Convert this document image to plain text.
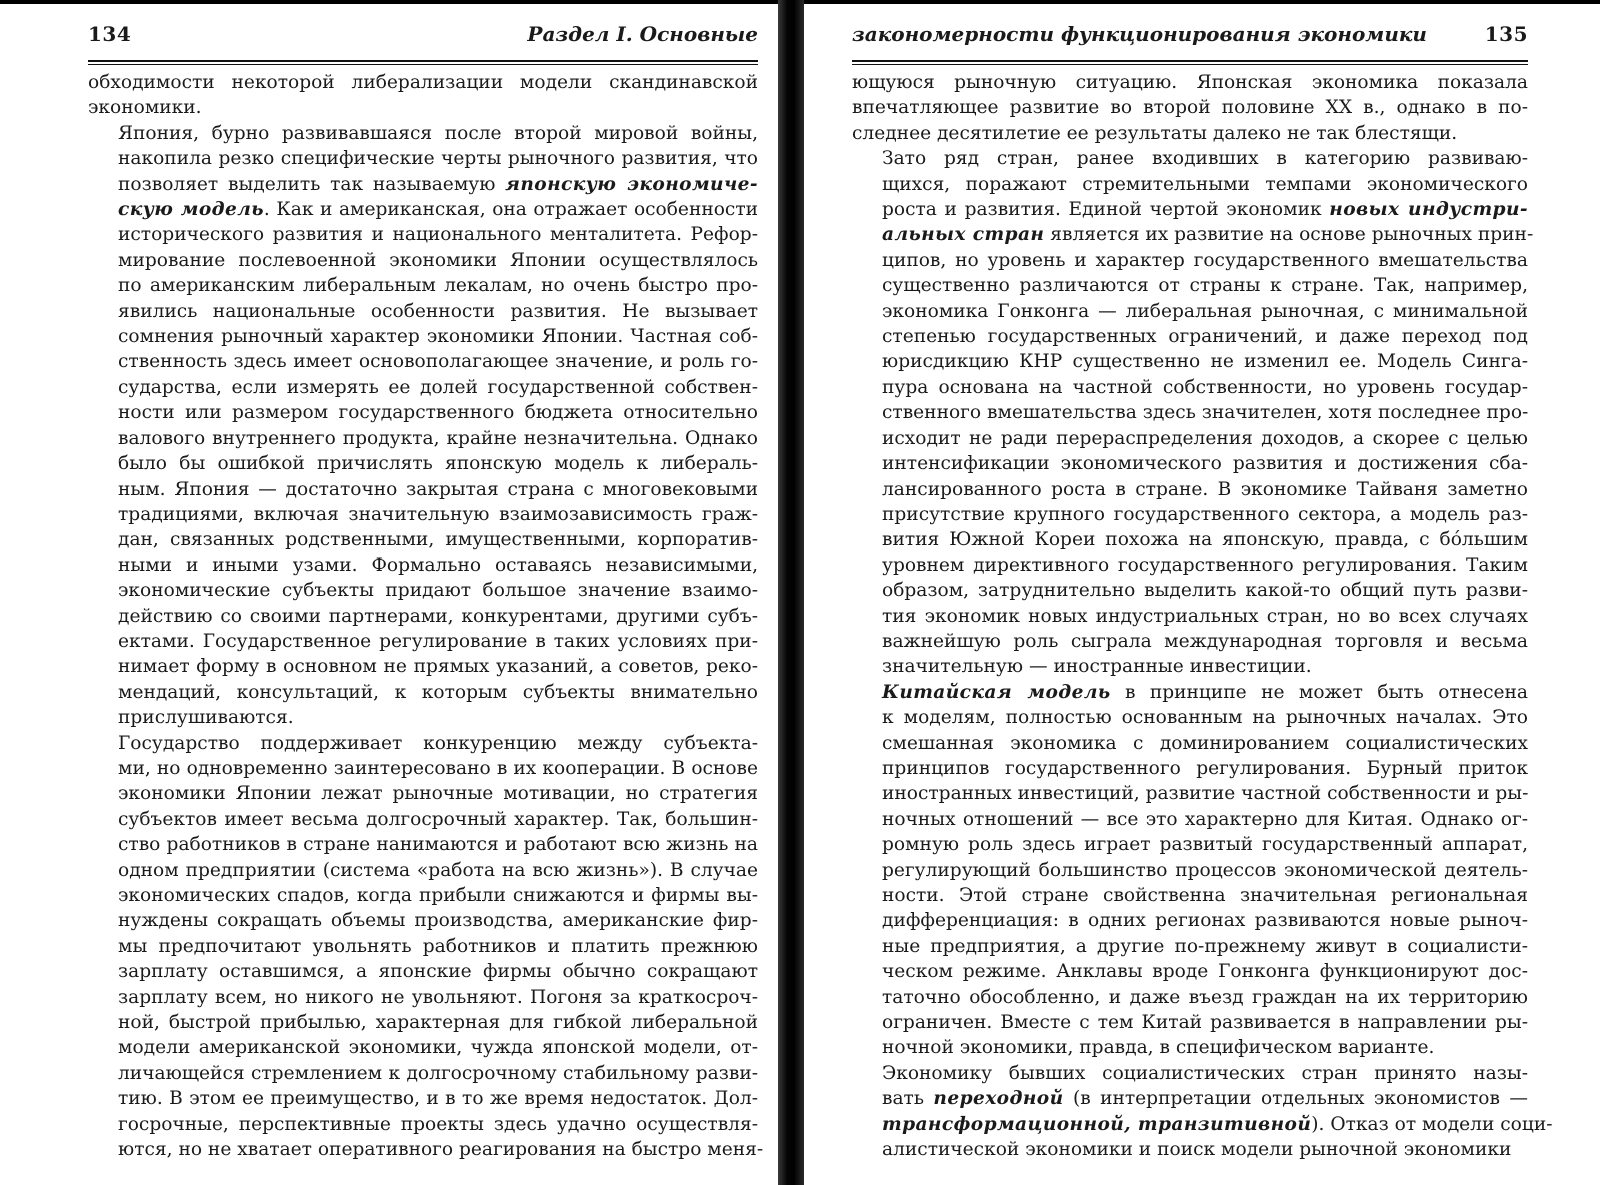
134	Раздел I. Основные
обходимости некоторой либерализации модели скандинавской
экономики.
Япония, бурно развивавшаяся после второй мировой войны,
накопила резко специфические черты рыночного развития, что
позволяет выделить так называемую японскую экономиче-
скую модель. Как и американская, она отражает особенности
исторического развития и национального менталитета. Рефор-
мирование послевоенной экономики Японии осуществлялось
по американским либеральным лекалам, но очень быстро про-
явились национальные особенности развития. Не вызывает
сомнения рыночный характер экономики Японии. Частная соб-
ственность здесь имеет основополагающее значение, и роль го-
сударства, если измерять ее долей государственной собствен-
ности или размером государственного бюджета относительно
валового внутреннего продукта, крайне незначительна. Однако
было бы ошибкой причислять японскую модель к либераль-
ным. Япония — достаточно закрытая страна с многовековыми
традициями, включая значительную взаимозависимость граж-
дан, связанных родственными, имущественными, корпоратив-
ными и иными узами. Формально оставаясь независимыми,
экономические субъекты придают большое значение взаимо-
действию со своими партнерами, конкурентами, другими субъ-
ектами. Государственное регулирование в таких условиях при-
нимает форму в основном не прямых указаний, а советов, реко-
мендаций, консультаций, к которым субъекты внимательно
прислушиваются.
Государство поддерживает конкуренцию между субъекта-
ми, но одновременно заинтересовано в их кооперации. В основе
экономики Японии лежат рыночные мотивации, но стратегия
субъектов имеет весьма долгосрочный характер. Так, большин-
ство работников в стране нанимаются и работают всю жизнь на
одном предприятии (система «работа на всю жизнь»). В случае
экономических спадов, когда прибыли снижаются и фирмы вы-
нуждены сокращать объемы производства, американские фир-
мы предпочитают увольнять работников и платить прежнюю
зарплату оставшимся, а японские фирмы обычно сокращают
зарплату всем, но никого не увольняют. Погоня за краткосроч-
ной, быстрой прибылью, характерная для гибкой либеральной
модели американской экономики, чужда японской модели, от-
личающейся стремлением к долгосрочному стабильному разви-
тию. В этом ее преимущество, и в то же время недостаток. Дол-
госрочные, перспективные проекты здесь удачно осуществля-
ются, но не хватает оперативного реагирования на быстро меня-
закономерности функционирования экономики	135
ющуюся рыночную ситуацию. Японская экономика показала
впечатляющее развитие во второй половине XX в., однако в по-
следнее десятилетие ее результаты далеко не так блестящи.
Зато ряд стран, ранее входивших в категорию развиваю-
щихся, поражают стремительными темпами экономического
роста и развития. Единой чертой экономик новых индустри-
альных стран является их развитие на основе рыночных прин-
ципов, но уровень и характер государственного вмешательства
существенно различаются от страны к стране. Так, например,
экономика Гонконга — либеральная рыночная, с минимальной
степенью государственных ограничений, и даже переход под
юрисдикцию КНР существенно не изменил ее. Модель Синга-
пура основана на частной собственности, но уровень государ-
ственного вмешательства здесь значителен, хотя последнее про-
исходит не ради перераспределения доходов, а скорее с целью
интенсификации экономического развития и достижения сба-
лансированного роста в стране. В экономике Тайваня заметно
присутствие крупного государственного сектора, а модель раз-
вития Южной Кореи похожа на японскую, правда, с бо́льшим
уровнем директивного государственного регулирования. Таким
образом, затруднительно выделить какой-то общий путь разви-
тия экономик новых индустриальных стран, но во всех случаях
важнейшую роль сыграла международная торговля и весьма
значительную — иностранные инвестиции.
Китайская модель в принципе не может быть отнесена
к моделям, полностью основанным на рыночных началах. Это
смешанная экономика с доминированием социалистических
принципов государственного регулирования. Бурный приток
иностранных инвестиций, развитие частной собственности и ры-
ночных отношений — все это характерно для Китая. Однако ог-
ромную роль здесь играет развитый государственный аппарат,
регулирующий большинство процессов экономической деятель-
ности. Этой стране свойственна значительная региональная
дифференциация: в одних регионах развиваются новые рыноч-
ные предприятия, а другие по-прежнему живут в социалисти-
ческом режиме. Анклавы вроде Гонконга функционируют дос-
таточно обособленно, и даже въезд граждан на их территорию
ограничен. Вместе с тем Китай развивается в направлении ры-
ночной экономики, правда, в специфическом варианте.
Экономику бывших социалистических стран принято назы-
вать переходной (в интерпретации отдельных экономистов —
трансформационной, транзитивной). Отказ от модели соци-
алистической экономики и поиск модели рыночной экономики
